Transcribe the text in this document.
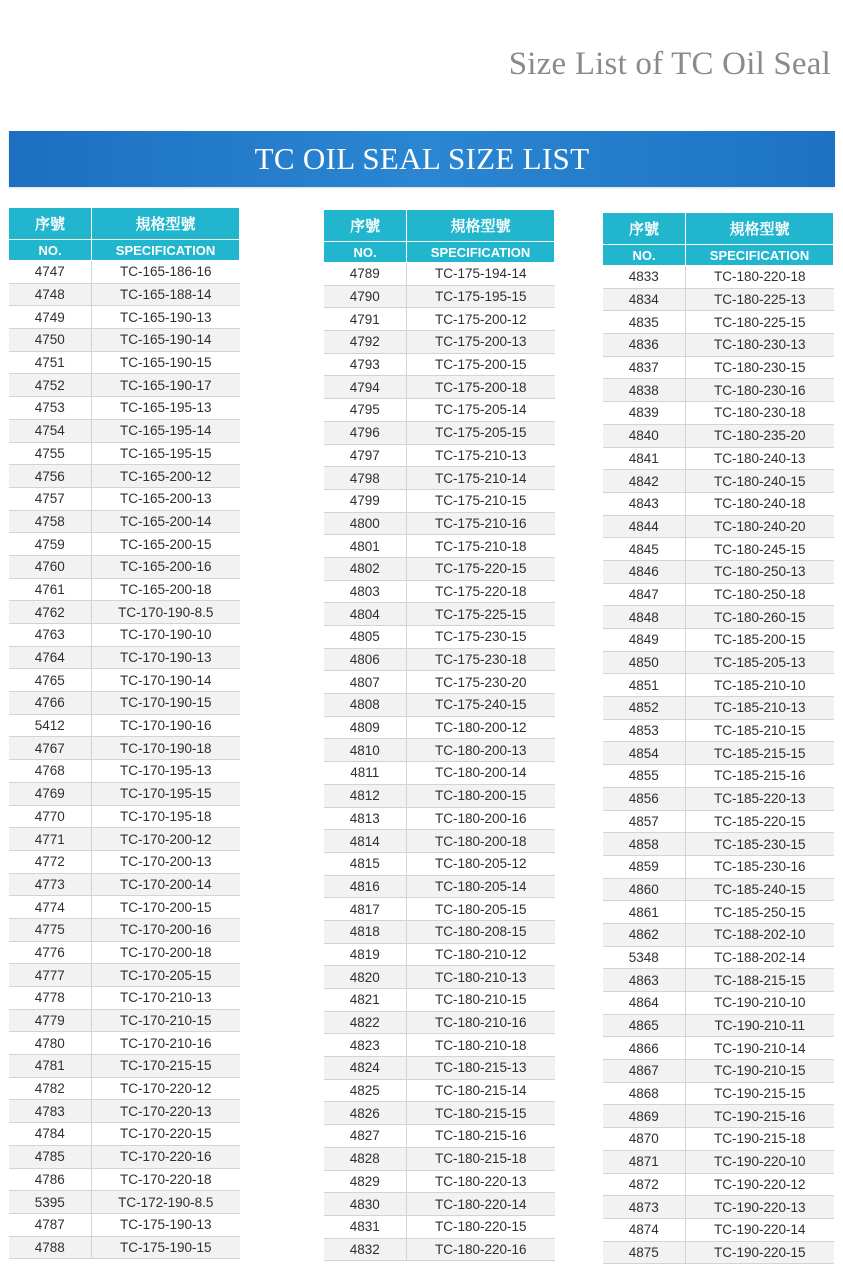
Size List of TC Oil Seal
TC OIL SEAL SIZE LIST
序號	規格型號
NO.	SPECIFICATION
4747	TC-165-186-16
4748	TC-165-188-14
4749	TC-165-190-13
4750	TC-165-190-14
4751	TC-165-190-15
4752	TC-165-190-17
4753	TC-165-195-13
4754	TC-165-195-14
4755	TC-165-195-15
4756	TC-165-200-12
4757	TC-165-200-13
4758	TC-165-200-14
4759	TC-165-200-15
4760	TC-165-200-16
4761	TC-165-200-18
4762	TC-170-190-8.5
4763	TC-170-190-10
4764	TC-170-190-13
4765	TC-170-190-14
4766	TC-170-190-15
5412	TC-170-190-16
4767	TC-170-190-18
4768	TC-170-195-13
4769	TC-170-195-15
4770	TC-170-195-18
4771	TC-170-200-12
4772	TC-170-200-13
4773	TC-170-200-14
4774	TC-170-200-15
4775	TC-170-200-16
4776	TC-170-200-18
4777	TC-170-205-15
4778	TC-170-210-13
4779	TC-170-210-15
4780	TC-170-210-16
4781	TC-170-215-15
4782	TC-170-220-12
4783	TC-170-220-13
4784	TC-170-220-15
4785	TC-170-220-16
4786	TC-170-220-18
5395	TC-172-190-8.5
4787	TC-175-190-13
4788	TC-175-190-15
序號	規格型號
NO.	SPECIFICATION
4789	TC-175-194-14
4790	TC-175-195-15
4791	TC-175-200-12
4792	TC-175-200-13
4793	TC-175-200-15
4794	TC-175-200-18
4795	TC-175-205-14
4796	TC-175-205-15
4797	TC-175-210-13
4798	TC-175-210-14
4799	TC-175-210-15
4800	TC-175-210-16
4801	TC-175-210-18
4802	TC-175-220-15
4803	TC-175-220-18
4804	TC-175-225-15
4805	TC-175-230-15
4806	TC-175-230-18
4807	TC-175-230-20
4808	TC-175-240-15
4809	TC-180-200-12
4810	TC-180-200-13
4811	TC-180-200-14
4812	TC-180-200-15
4813	TC-180-200-16
4814	TC-180-200-18
4815	TC-180-205-12
4816	TC-180-205-14
4817	TC-180-205-15
4818	TC-180-208-15
4819	TC-180-210-12
4820	TC-180-210-13
4821	TC-180-210-15
4822	TC-180-210-16
4823	TC-180-210-18
4824	TC-180-215-13
4825	TC-180-215-14
4826	TC-180-215-15
4827	TC-180-215-16
4828	TC-180-215-18
4829	TC-180-220-13
4830	TC-180-220-14
4831	TC-180-220-15
4832	TC-180-220-16
序號	規格型號
NO.	SPECIFICATION
4833	TC-180-220-18
4834	TC-180-225-13
4835	TC-180-225-15
4836	TC-180-230-13
4837	TC-180-230-15
4838	TC-180-230-16
4839	TC-180-230-18
4840	TC-180-235-20
4841	TC-180-240-13
4842	TC-180-240-15
4843	TC-180-240-18
4844	TC-180-240-20
4845	TC-180-245-15
4846	TC-180-250-13
4847	TC-180-250-18
4848	TC-180-260-15
4849	TC-185-200-15
4850	TC-185-205-13
4851	TC-185-210-10
4852	TC-185-210-13
4853	TC-185-210-15
4854	TC-185-215-15
4855	TC-185-215-16
4856	TC-185-220-13
4857	TC-185-220-15
4858	TC-185-230-15
4859	TC-185-230-16
4860	TC-185-240-15
4861	TC-185-250-15
4862	TC-188-202-10
5348	TC-188-202-14
4863	TC-188-215-15
4864	TC-190-210-10
4865	TC-190-210-11
4866	TC-190-210-14
4867	TC-190-210-15
4868	TC-190-215-15
4869	TC-190-215-16
4870	TC-190-215-18
4871	TC-190-220-10
4872	TC-190-220-12
4873	TC-190-220-13
4874	TC-190-220-14
4875	TC-190-220-15
